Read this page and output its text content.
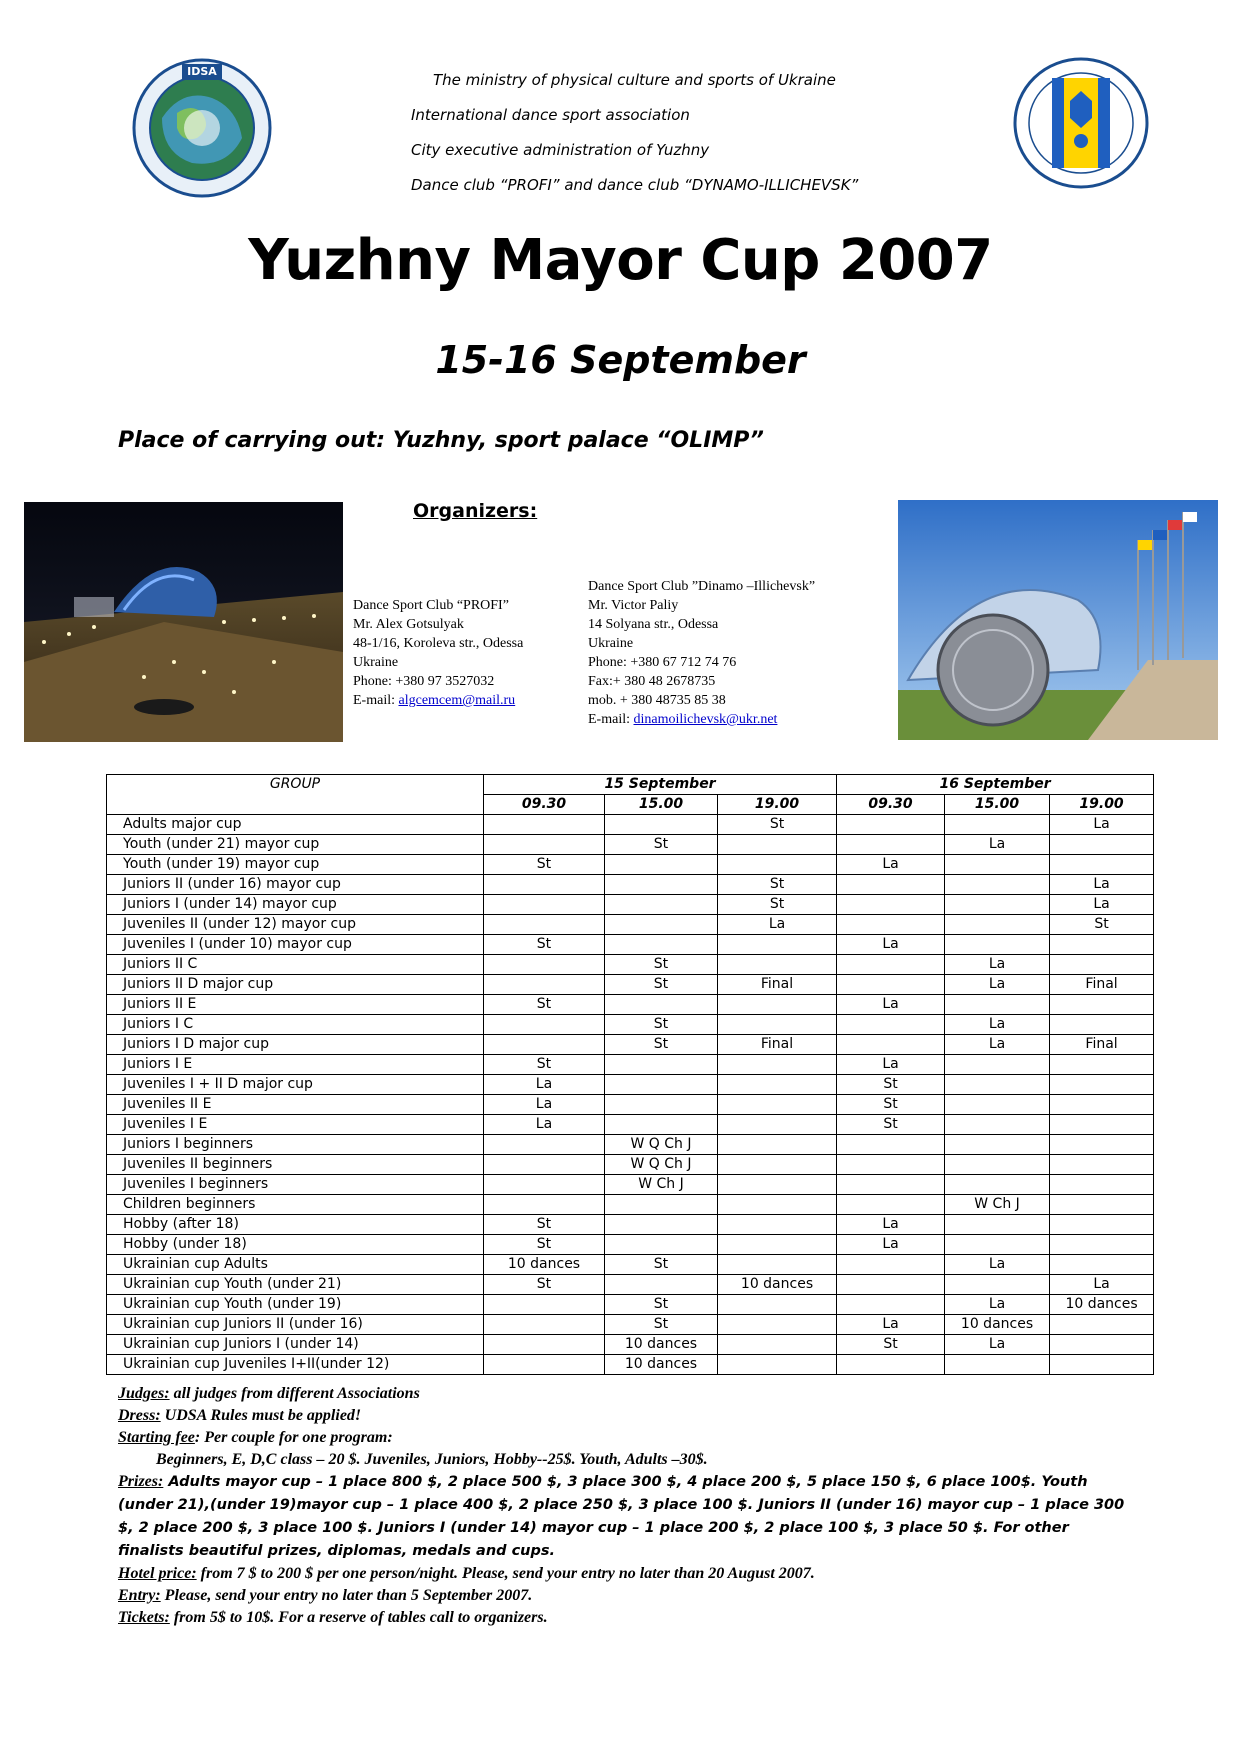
IDSA	The ministry of physical culture and sports of Ukraine
International dance sport association
City executive administration of Yuzhny
Dance club “PROFI” and dance club “DYNAMO-ILLICHEVSK”
Yuzhny Mayor Cup 2007
15-16 September
Place of carrying out: Yuzhny, sport palace “OLIMP”
Organizers:
Dance Sport Club “PROFI”
Mr. Alex Gotsulyak
48-1/16, Koroleva str., Odessa
Ukraine
Phone: +380 97 3527032
E-mail: algcemcem@mail.ru
Dance Sport Club ”Dinamo –Illichevsk”
Mr. Victor Paliy
14 Solyana str., Odessa
Ukraine
Phone: +380 67 712 74 76
Fax:+ 380 48 2678735
mob. + 380 48735 85 38
E-mail: dinamoilichevsk@ukr.net
GROUP	15 September			16 September		
	09.30	15.00	19.00	09.30	15.00	19.00
Adults major cup			St			La
Youth (under 21) mayor cup		St			La	
Youth (under 19) mayor cup	St			La		
Juniors II (under 16) mayor cup			St			La
Juniors I (under 14) mayor cup			St			La
Juveniles II (under 12) mayor cup			La			St
Juveniles I (under 10) mayor cup	St			La		
Juniors II C		St			La	
Juniors II D major cup		St	Final		La	Final
Juniors II E	St			La		
Juniors I C		St			La	
Juniors I D major cup		St	Final		La	Final
Juniors I E	St			La		
Juveniles I + II D major cup	La			St		
Juveniles II E	La			St		
Juveniles I E	La			St		
Juniors I beginners		W Q Ch J				
Juveniles II beginners		W Q Ch J				
Juveniles I beginners		W Ch J				
Children beginners					W Ch J	
Hobby (after 18)	St			La		
Hobby (under 18)	St			La		
Ukrainian cup Adults	10 dances	St			La	
Ukrainian cup Youth (under 21)	St		10 dances			La
Ukrainian cup Youth (under 19)		St			La	10 dances
Ukrainian cup Juniors II (under 16)		St		La	10 dances	
Ukrainian cup Juniors I (under 14)		10 dances		St	La	
Ukrainian cup Juveniles I+II(under 12)		10 dances				
Judges: all judges from different Associations
Dress: UDSA Rules must be applied!
Starting fee: Per couple for one program:
Beginners, E, D,C class – 20 $. Juveniles, Juniors, Hobby--25$. Youth, Adults –30$.
Prizes: Adults mayor cup – 1 place 800 $, 2 place 500 $, 3 place 300 $, 4 place 200 $, 5 place 150 $, 6 place 100$. Youth (under 21),(under 19)mayor cup – 1 place 400 $, 2 place 250 $, 3 place 100 $. Juniors II (under 16) mayor cup – 1 place 300 $, 2 place 200 $, 3 place 100 $. Juniors I (under 14) mayor cup – 1 place 200 $, 2 place 100 $, 3 place 50 $. For other finalists beautiful prizes, diplomas, medals and cups.
Hotel price: from 7 $ to 200 $ per one person/night. Please, send your entry no later than 20 August 2007.
Entry: Please, send your entry no later than 5 September 2007.
Tickets: from 5$ to 10$. For a reserve of tables call to organizers.
